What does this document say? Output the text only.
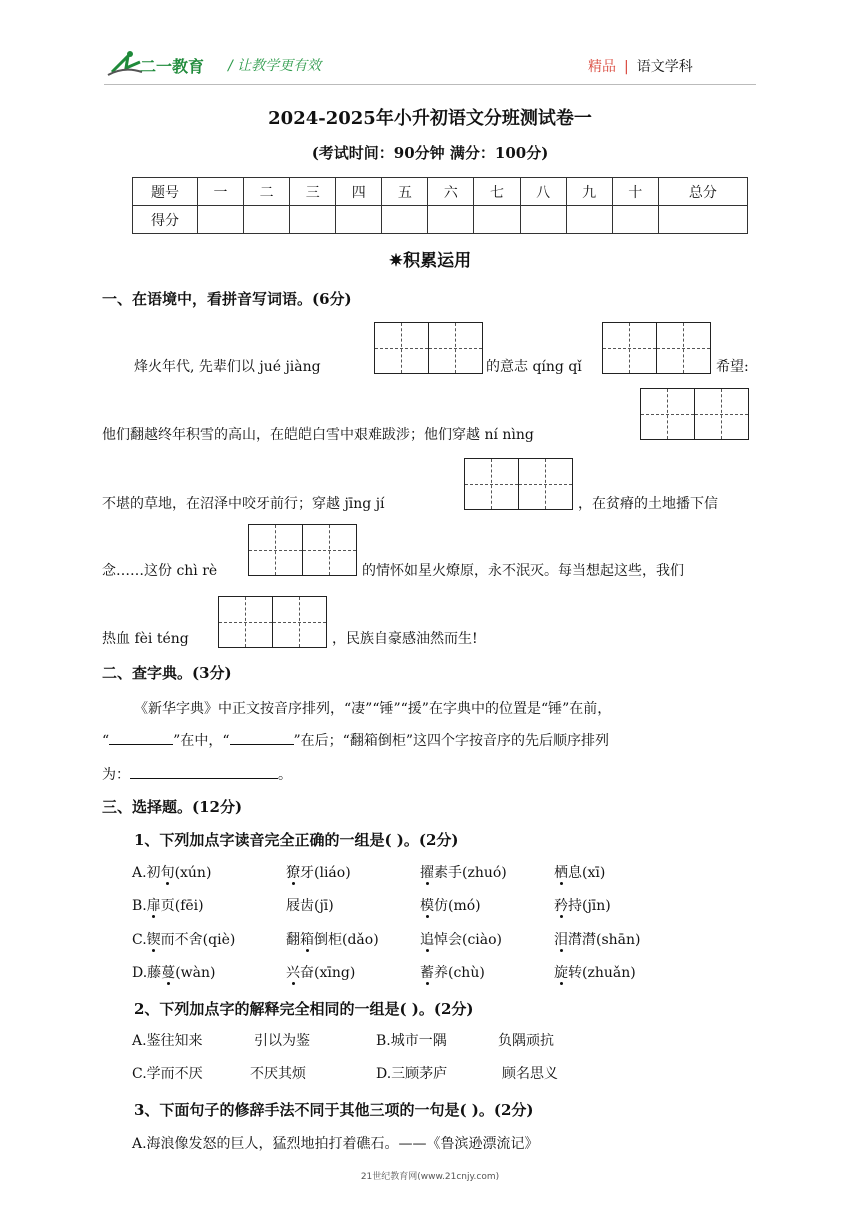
二一教育 / 让教学更有效	精品 | 语文学科
2024-2025年小升初语文分班测试卷一
(考试时间：90分钟 满分：100分)
题号	一	二	三	四	五	六	七	八	九	十	总分
得分											
✷积累运用
一、在语境中，看拼音写词语。(6分)
烽火年代, 先辈们以 jué jiàng	的意志 qíng qǐ	希望:
他们翻越终年积雪的高山，在皑皑白雪中艰难跋涉；他们穿越 ní nìng
不堪的草地，在沼泽中咬牙前行；穿越 jīng jí	，在贫瘠的土地播下信
念……这份 chì rè	的情怀如星火燎原，永不泯灭。每当想起这些，我们
热血 fèi téng	，民族自豪感油然而生!
二、查字典。(3分)
《新华字典》中正文按音序排列，“凄”“锤”“援”在字典中的位置是“锤”在前，
“	”在中，“	”在后；“翻箱倒柜”这四个字按音序的先后顺序排列
为：	。
三、选择题。(12分)
1、下列加点字读音完全正确的一组是( )。(2分)
A.初旬(xún)	獠牙(liáo)	擢素手(zhuó)	栖息(xī)
B.扉页(fēi)	屐齿(jī)	模仿(mó)	矜持(jīn)
C.锲而不舍(qiè)	翻箱倒柜(dǎo)	追悼会(ciào)	泪潸潸(shān)
D.藤蔓(wàn)	兴奋(xīng)	蓄养(chù)	旋转(zhuǎn)
2、下列加点字的解释完全相同的一组是( )。(2分)
A.鉴往知来	引以为鉴	B.城市一隅	负隅顽抗
C.学而不厌	不厌其烦	D.三顾茅庐	顾名思义
3、下面句子的修辞手法不同于其他三项的一句是( )。(2分)
A.海浪像发怒的巨人，猛烈地拍打着礁石。——《鲁滨逊漂流记》
21世纪教育网(www.21cnjy.com)
